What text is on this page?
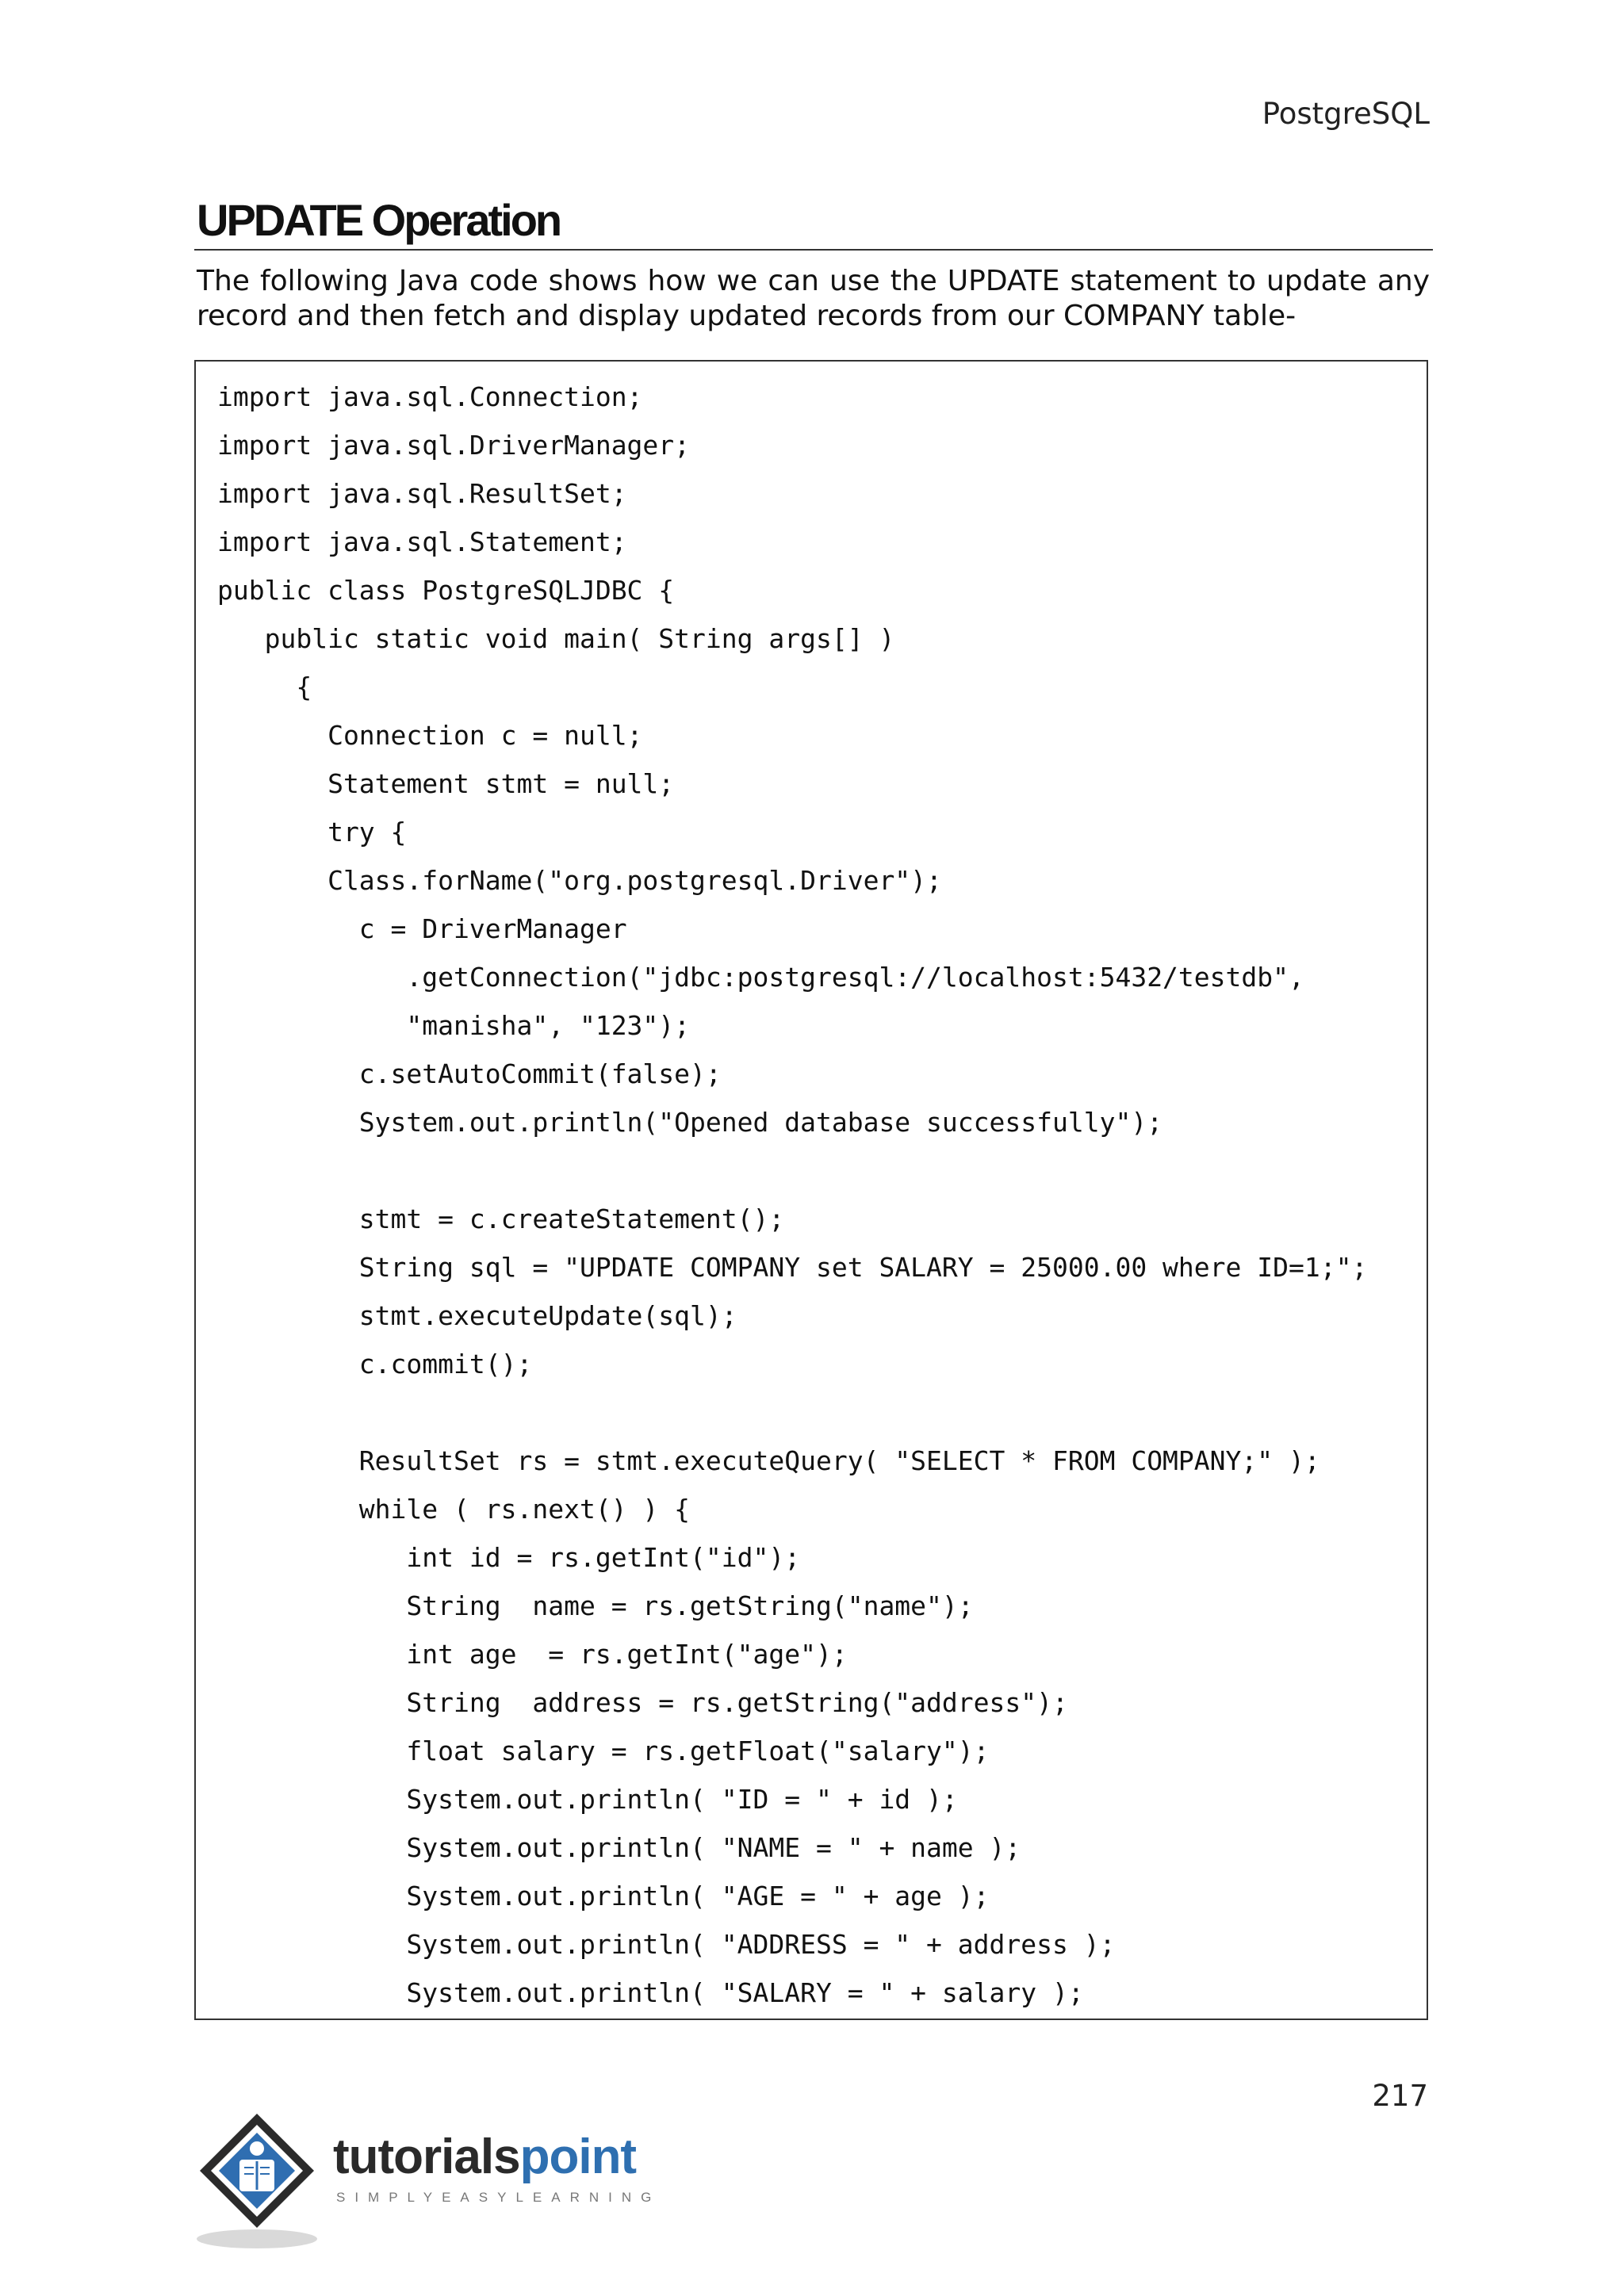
PostgreSQL
UPDATE Operation

The following Java code shows how we can use the UPDATE statement to update any record and then fetch and display updated records from our COMPANY table-

import java.sql.Connection;
import java.sql.DriverManager;
import java.sql.ResultSet;
import java.sql.Statement;
public class PostgreSQLJDBC {
public static void main( String args[] )
{
Connection c = null;
Statement stmt = null;
try {
Class.forName("org.postgresql.Driver");
c = DriverManager
.getConnection("jdbc:postgresql://localhost:5432/testdb",
"manisha", "123");
c.setAutoCommit(false);
System.out.println("Opened database successfully");
stmt = c.createStatement();
String sql = "UPDATE COMPANY set SALARY = 25000.00 where ID=1;";
stmt.executeUpdate(sql);
c.commit();
ResultSet rs = stmt.executeQuery( "SELECT * FROM COMPANY;" );
while ( rs.next() ) {
int id = rs.getInt("id");
String  name = rs.getString("name");
int age  = rs.getInt("age");
String  address = rs.getString("address");
float salary = rs.getFloat("salary");
System.out.println( "ID = " + id );
System.out.println( "NAME = " + name );
System.out.println( "AGE = " + age );
System.out.println( "ADDRESS = " + address );
System.out.println( "SALARY = " + salary );
217
tutorialspoint
SIMPLYEASYLEARNING
